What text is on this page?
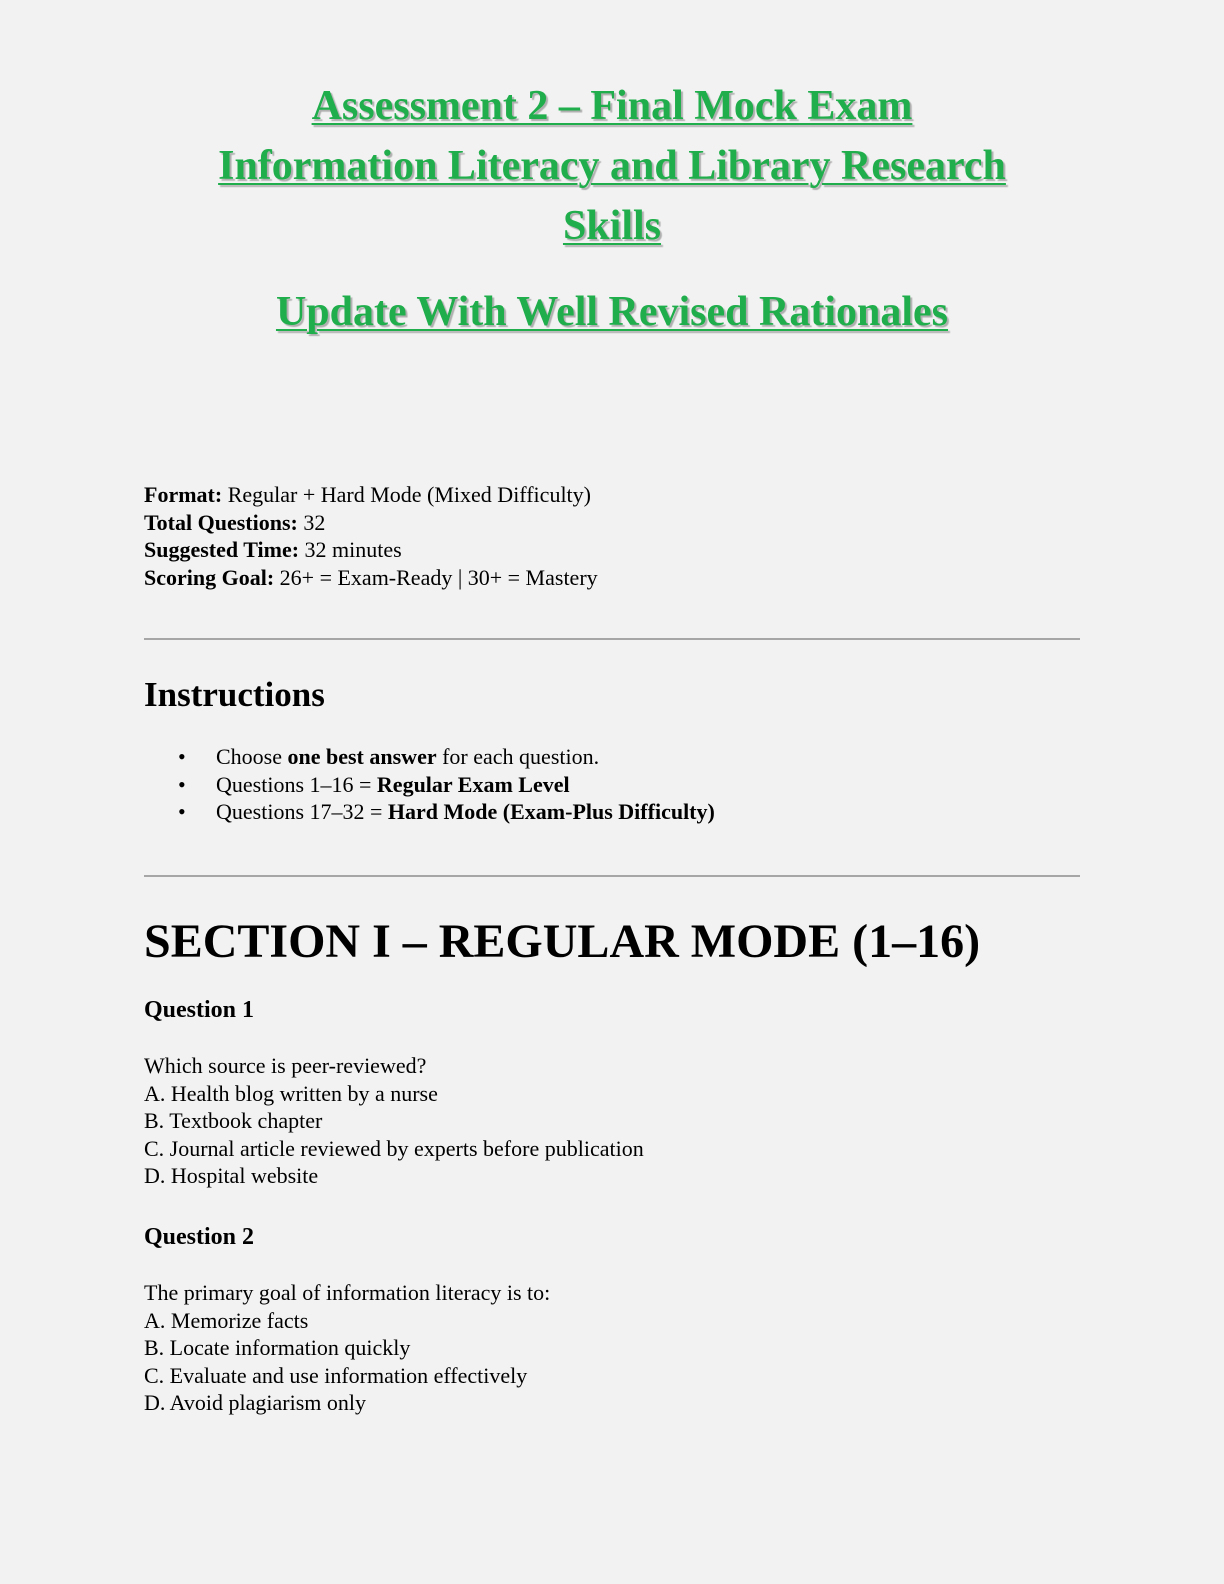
Assessment 2 – Final Mock Exam
Information Literacy and Library Research
Skills
Update With Well Revised Rationales
Format: Regular + Hard Mode (Mixed Difficulty)
Total Questions: 32
Suggested Time: 32 minutes
Scoring Goal: 26+ = Exam-Ready | 30+ = Mastery
Instructions
• Choose one best answer for each question.
• Questions 1–16 = Regular Exam Level
• Questions 17–32 = Hard Mode (Exam-Plus Difficulty)
SECTION I – REGULAR MODE (1–16)
Question 1
Which source is peer-reviewed?
A. Health blog written by a nurse
B. Textbook chapter
C. Journal article reviewed by experts before publication
D. Hospital website
Question 2
The primary goal of information literacy is to:
A. Memorize facts
B. Locate information quickly
C. Evaluate and use information effectively
D. Avoid plagiarism only
